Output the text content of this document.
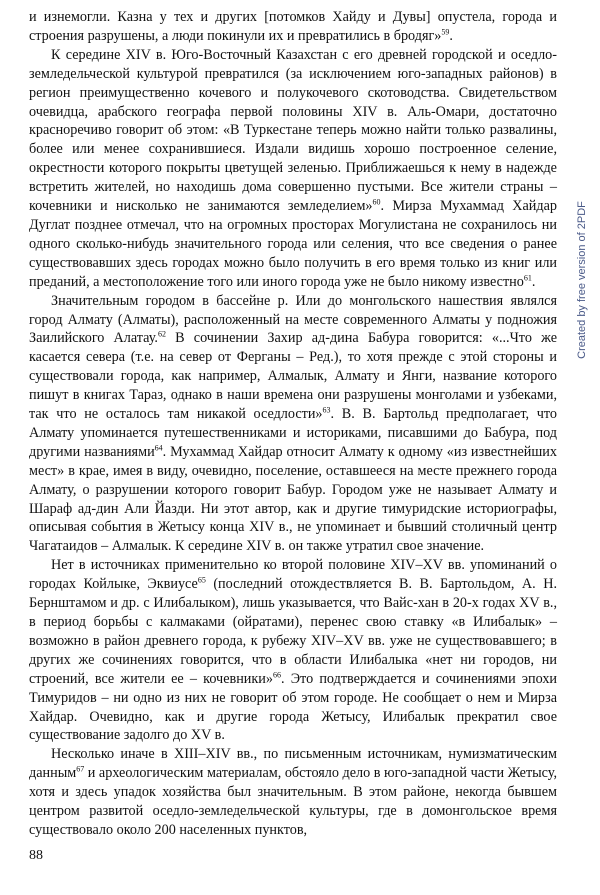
и изнемогли. Казна у тех и других [потомков Хайду и Дувы] опустела, города и строения разрушены, а люди покинули их и превратились в бродяг»$^{59}$.

К середине XIV в. Юго-Восточный Казахстан с его древней городской и оседло-земледельческой культурой превратился (за исключением юго-западных районов) в регион преимущественно кочевого и полукочевого скотоводства. Свидетельством очевидца, арабского географа первой половины XIV в. Аль-Омари, достаточно красноречиво говорит об этом: «В Туркестане теперь можно найти только развалины, более или менее сохранившиеся. Издали видишь хорошо построенное селение, окрестности которого покрыты цветущей зеленью. Приближаешься к нему в надежде встретить жителей, но находишь дома совершенно пустыми. Все жители страны – кочевники и нисколько не занимаются земледелием»$^{60}$. Мирза Мухаммад Хайдар Дуглат позднее отмечал, что на огромных просторах Могулистана не сохранилось ни одного сколько-нибудь значительного города или селения, что все сведения о ранее существовавших здесь городах можно было получить в его время только из книг или преданий, а местоположение того или иного города уже не было никому известно$^{61}$.

Значительным городом в бассейне р. Или до монгольского нашествия являлся город Алмату (Алматы), расположенный на месте современного Алматы у подножия Заилийского Алатау.$^{62}$ В сочинении Захир ад-дина Бабура говорится: «...Что же касается севера (т.е. на север от Ферганы – Ред.), то хотя прежде с этой стороны и существовали города, как например, Алмалык, Алмату и Янги, название которого пишут в книгах Тараз, однако в наши времена они разрушены монголами и узбеками, так что не осталось там никакой оседлости»$^{63}$. В. В. Бартольд предполагает, что Алмату упоминается путешественниками и историками, писавшими до Бабура, под другими названиями$^{64}$. Мухаммад Хайдар относит Алмату к одному «из известнейших мест» в крае, имея в виду, очевидно, поселение, оставшееся на месте прежнего города Алмату, о разрушении которого говорит Бабур. Городом уже не называет Алмату и Шараф ад-дин Али Йазди. Ни этот автор, как и другие тимуридские историографы, описывая события в Жетысу конца XIV в., не упоминает и бывший столичный центр Чагатаидов – Алмалык. К середине XIV в. он также утратил свое значение.

Нет в источниках применительно ко второй половине XIV–XV вв. упоминаний о городах Койлыке, Эквиусе$^{65}$ (последний отождествляется В. В. Бартольдом, А. Н. Бернштамом и др. с Илибалыком), лишь указывается, что Вайс-хан в 20-х годах XV в., в период борьбы с калмаками (ойратами), перенес свою ставку «в Илибалык» – возможно в район древнего города, к рубежу XIV–XV вв. уже не существовавшего; в других же сочинениях говорится, что в области Илибалыка «нет ни городов, ни строений, все жители ее – кочевники»$^{66}$. Это подтверждается и сочинениями эпохи Тимуридов – ни одно из них не говорит об этом городе. Не сообщает о нем и Мирза Хайдар. Очевидно, как и другие города Жетысу, Илибалык прекратил свое существование задолго до XV в.

Несколько иначе в XIII–XIV вв., по письменным источникам, нумизматическим данным$^{67}$ и археологическим материалам, обстояло дело в юго-западной части Жетысу, хотя и здесь упадок хозяйства был значительным. В этом районе, некогда бывшем центром развитой оседло-земледельческой культуры, где в домонгольское время существовало около 200 населенных пунктов,

88
Created by free version of 2PDF
